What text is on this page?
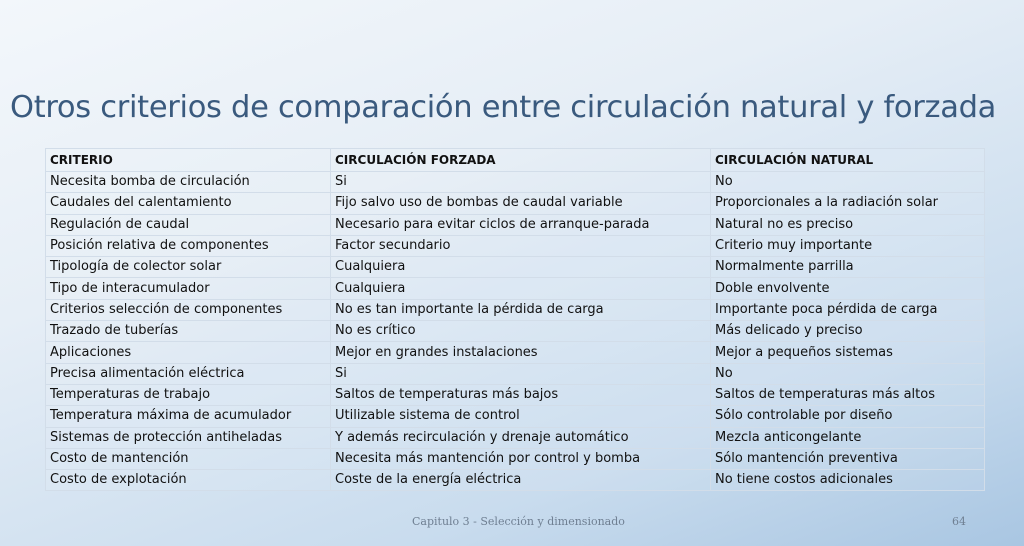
Otros criterios de comparación entre circulación natural y forzada
CRITERIO	CIRCULACIÓN FORZADA	CIRCULACIÓN NATURAL
Necesita bomba de circulación	Si	No
Caudales del calentamiento	Fijo salvo uso de bombas de caudal variable	Proporcionales a la radiación solar
Regulación de caudal	Necesario para evitar ciclos de arranque-parada	Natural no es preciso
Posición relativa de componentes	Factor secundario	Criterio muy importante
Tipología de colector solar	Cualquiera	Normalmente parrilla
Tipo de interacumulador	Cualquiera	Doble envolvente
Criterios selección de componentes	No es tan importante la pérdida de carga	Importante poca pérdida de carga
Trazado de tuberías	No es crítico	Más delicado y preciso
Aplicaciones	Mejor en grandes instalaciones	Mejor a pequeños sistemas
Precisa alimentación eléctrica	Si	No
Temperaturas de trabajo	Saltos de temperaturas más bajos	Saltos de temperaturas más altos
Temperatura máxima de acumulador	Utilizable sistema de control	Sólo controlable por diseño
Sistemas de protección antiheladas	Y además recirculación y drenaje automático	Mezcla anticongelante
Costo de mantención	Necesita más mantención por control y bomba	Sólo mantención preventiva
Costo de explotación	Coste de la energía eléctrica	No tiene costos adicionales
Capitulo 3 - Selección y dimensionado	64
